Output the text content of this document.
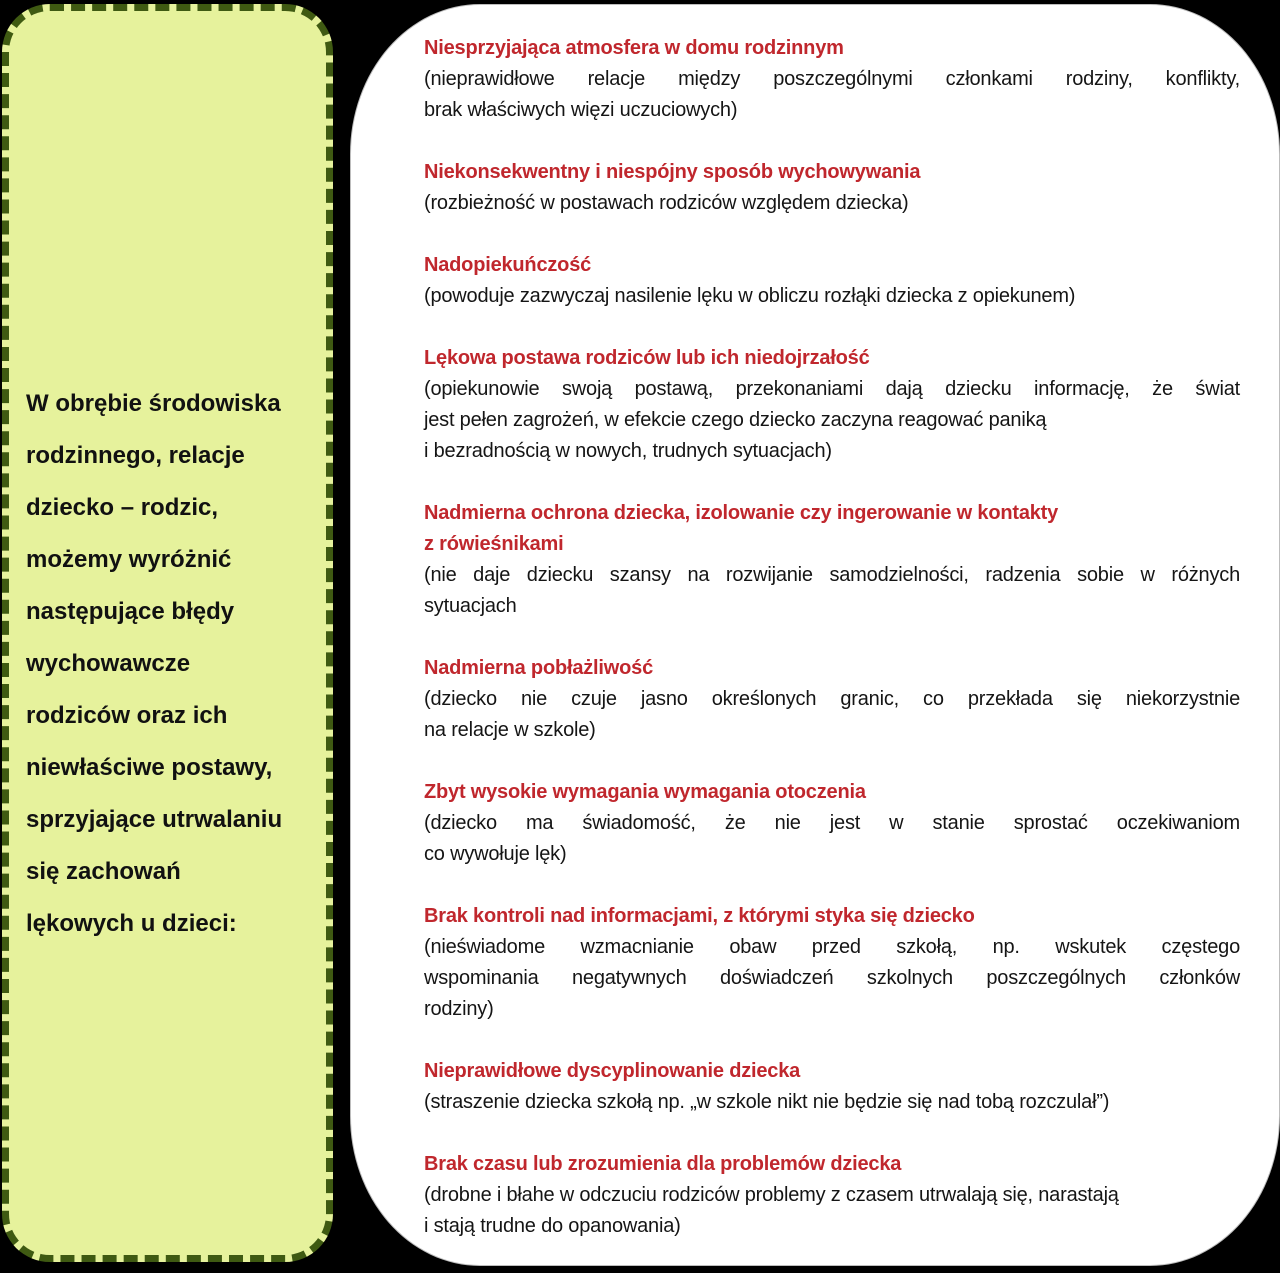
W obrębie środowiska
rodzinnego, relacje
dziecko – rodzic,
możemy wyróżnić
następujące błędy
wychowawcze
rodziców oraz ich
niewłaściwe postawy,
sprzyjające utrwalaniu
się zachowań
lękowych u dzieci:

Niesprzyjająca atmosfera w domu rodzinnym
(nieprawidłowe relacje między poszczególnymi członkami rodziny, konflikty,
brak właściwych więzi uczuciowych)
Niekonsekwentny i niespójny sposób wychowywania
(rozbieżność w postawach rodziców względem dziecka)
Nadopiekuńczość
(powoduje zazwyczaj nasilenie lęku w obliczu rozłąki dziecka z opiekunem)
Lękowa postawa rodziców lub ich niedojrzałość
(opiekunowie swoją postawą, przekonaniami dają dziecku informację, że świat
jest pełen zagrożeń, w efekcie czego dziecko zaczyna reagować paniką
i bezradnością w nowych, trudnych sytuacjach)
Nadmierna ochrona dziecka, izolowanie czy ingerowanie w kontakty
z rówieśnikami
(nie daje dziecku szansy na rozwijanie samodzielności, radzenia sobie w różnych
sytuacjach
Nadmierna pobłażliwość
(dziecko nie czuje jasno określonych granic, co przekłada się niekorzystnie
na relacje w szkole)
Zbyt wysokie wymagania wymagania otoczenia
(dziecko ma świadomość, że nie jest w stanie sprostać oczekiwaniom
co wywołuje lęk)
Brak kontroli nad informacjami, z którymi styka się dziecko
(nieświadome wzmacnianie obaw przed szkołą, np. wskutek częstego
wspominania negatywnych doświadczeń szkolnych poszczególnych członków
rodziny)
Nieprawidłowe dyscyplinowanie dziecka
(straszenie dziecka szkołą np. „w szkole nikt nie będzie się nad tobą rozczulał”)
Brak czasu lub zrozumienia dla problemów dziecka
(drobne i błahe w odczuciu rodziców problemy z czasem utrwalają się, narastają
i stają trudne do opanowania)
